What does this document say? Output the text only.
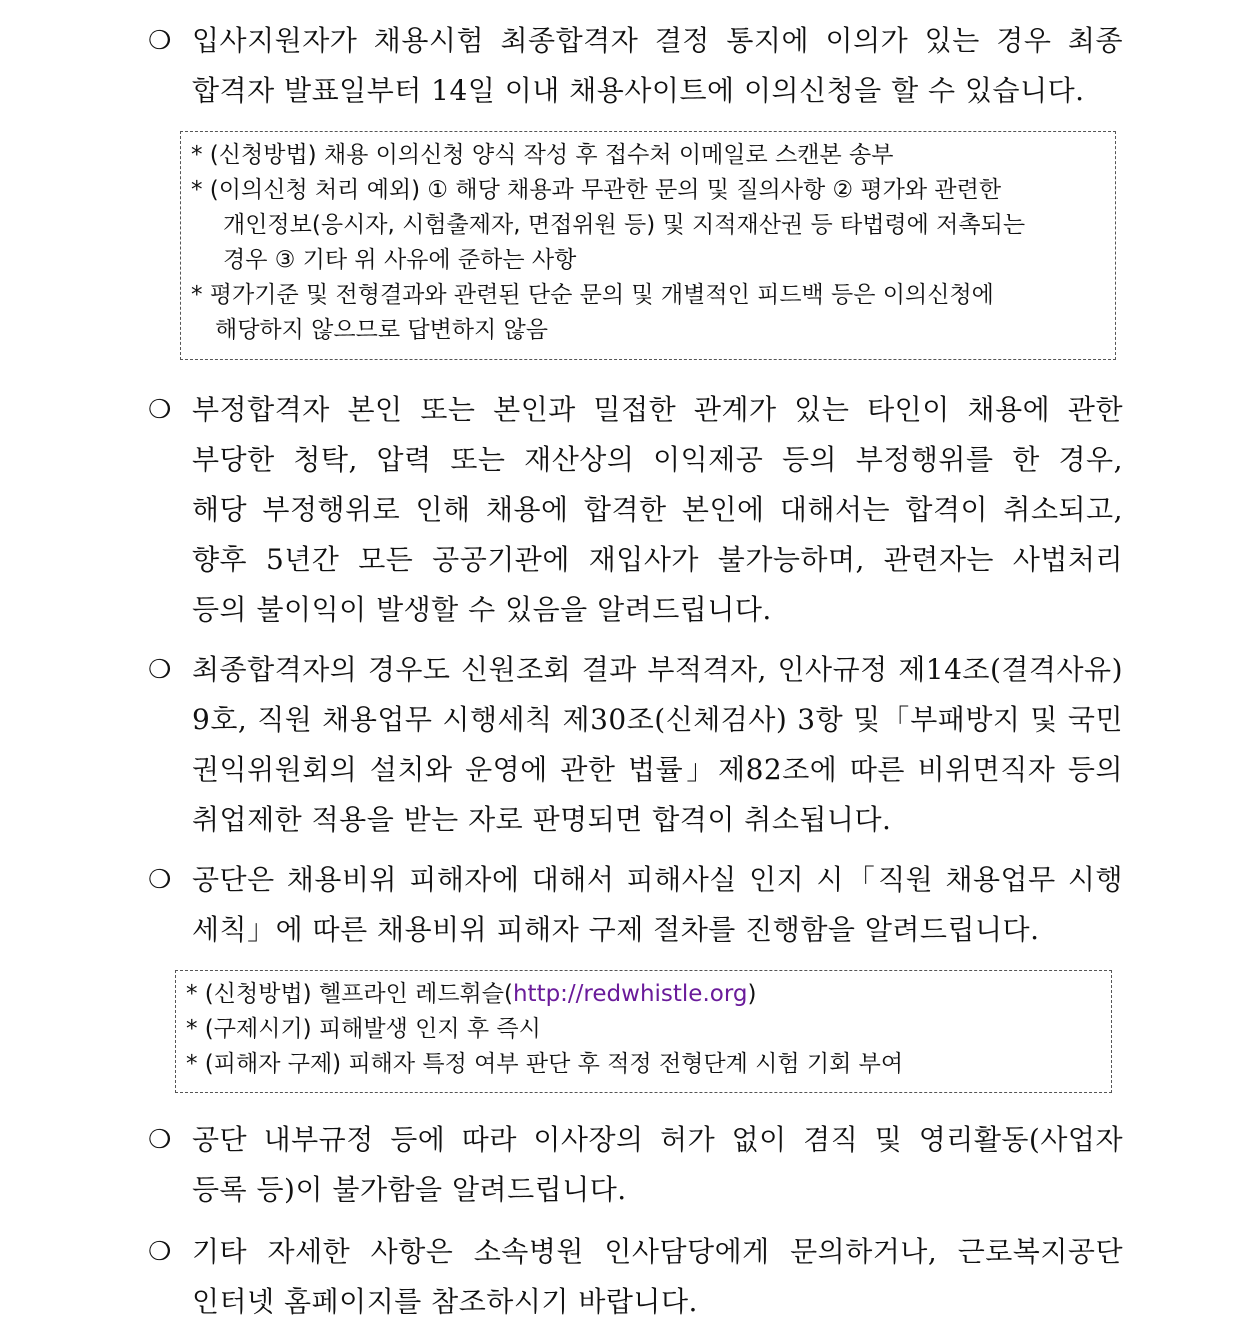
❍ 입사지원자가 채용시험 최종합격자 결정 통지에 이의가 있는 경우 최종

합격자 발표일부터 14일 이내 채용사이트에 이의신청을 할 수 있습니다.

* (신청방법) 채용 이의신청 양식 작성 후 접수처 이메일로 스캔본 송부

* (이의신청 처리 예외) ① 해당 채용과 무관한 문의 및 질의사항 ② 평가와 관련한
개인정보(응시자, 시험출제자, 면접위원 등) 및 지적재산권 등 타법령에 저촉되는
경우 ③ 기타 위 사유에 준하는 사항

* 평가기준 및 전형결과와 관련된 단순 문의 및 개별적인 피드백 등은 이의신청에
해당하지 않으므로 답변하지 않음

❍ 부정합격자 본인 또는 본인과 밀접한 관계가 있는 타인이 채용에 관한

부당한 청탁, 압력 또는 재산상의 이익제공 등의 부정행위를 한 경우,

해당 부정행위로 인해 채용에 합격한 본인에 대해서는 합격이 취소되고,

향후 5년간 모든 공공기관에 재입사가 불가능하며, 관련자는 사법처리

등의 불이익이 발생할 수 있음을 알려드립니다.

❍ 최종합격자의 경우도 신원조회 결과 부적격자, 인사규정 제14조(결격사유)

9호, 직원 채용업무 시행세칙 제30조(신체검사) 3항 및「부패방지 및 국민

권익위원회의 설치와 운영에 관한 법률」제82조에 따른 비위면직자 등의

취업제한 적용을 받는 자로 판명되면 합격이 취소됩니다.

❍ 공단은 채용비위 피해자에 대해서 피해사실 인지 시「직원 채용업무 시행

세칙」에 따른 채용비위 피해자 구제 절차를 진행함을 알려드립니다.

* (신청방법) 헬프라인 레드휘슬(http://redwhistle.org)

* (구제시기) 피해발생 인지 후 즉시

* (피해자 구제) 피해자 특정 여부 판단 후 적정 전형단계 시험 기회 부여

❍ 공단 내부규정 등에 따라 이사장의 허가 없이 겸직 및 영리활동(사업자

등록 등)이 불가함을 알려드립니다.

❍ 기타 자세한 사항은 소속병원 인사담당에게 문의하거나, 근로복지공단

인터넷 홈페이지를 참조하시기 바랍니다.
